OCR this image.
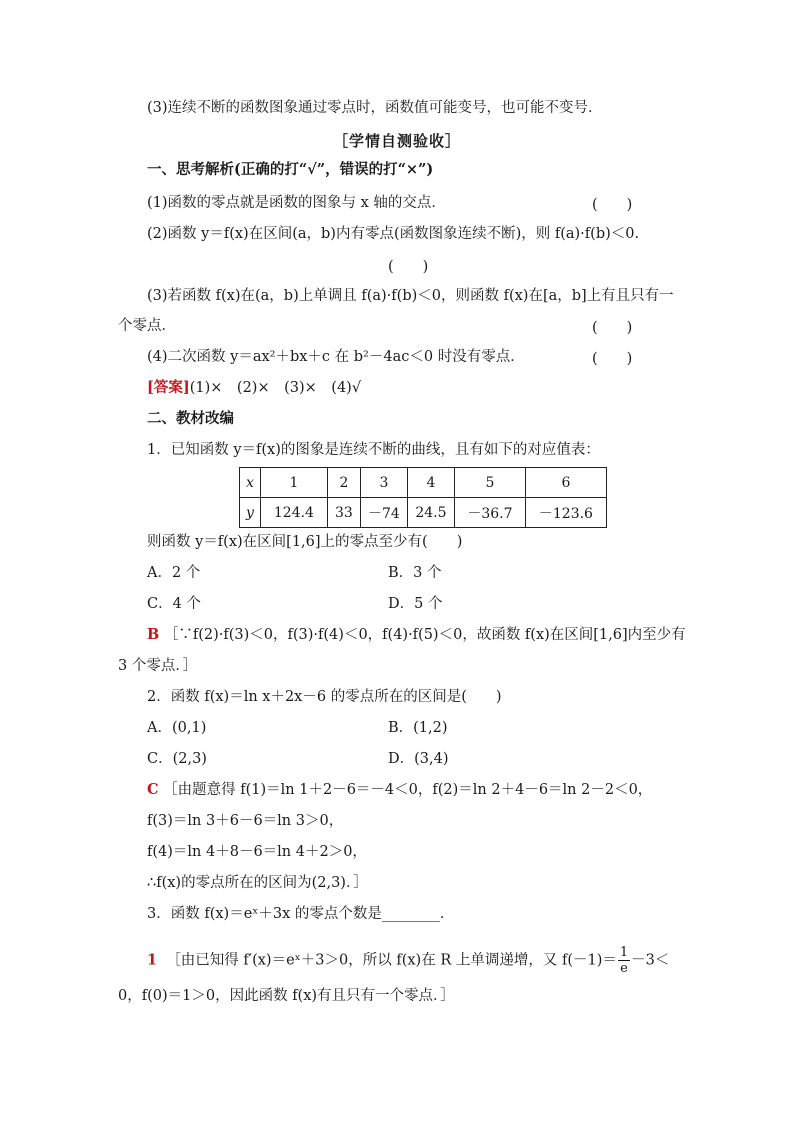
(3)连续不断的函数图象通过零点时，函数值可能变号，也可能不变号．
［学情自测验收］
一、思考解析(正确的打“√”，错误的打“×”)
(1)函数的零点就是函数的图象与 x 轴的交点．	(　　)
(2)函数 y＝f(x)在区间(a，b)内有零点(函数图象连续不断)，则 f(a)·f(b)＜0.
(　　)
(3)若函数 f(x)在(a，b)上单调且 f(a)·f(b)＜0，则函数 f(x)在[a，b]上有且只有一
个零点．	(　　)
(4)二次函数 y＝ax²＋bx＋c 在 b²－4ac＜0 时没有零点．	(　　)
[答案](1)×　(2)×　(3)×　(4)√
二、教材改编
1．已知函数 y＝f(x)的图象是连续不断的曲线，且有如下的对应值表：
x	1	2	3	4	5	6
y	124.4	33	－74	24.5	－36.7	－123.6
则函数 y＝f(x)在区间[1,6]上的零点至少有(　　)
A．2 个	B．3 个
C．4 个	D．5 个
B ［∵f(2)·f(3)＜0，f(3)·f(4)＜0，f(4)·f(5)＜0，故函数 f(x)在区间[1,6]内至少有
3 个零点．］
2．函数 f(x)＝ln x＋2x－6 的零点所在的区间是(　　)
A．(0,1)	B．(1,2)
C．(2,3)	D．(3,4)
C ［由题意得 f(1)＝ln 1＋2－6＝－4＜0，f(2)＝ln 2＋4－6＝ln 2－2＜0，
f(3)＝ln 3＋6－6＝ln 3＞0，
f(4)＝ln 4＋8－6＝ln 4＋2＞0，
∴f(x)的零点所在的区间为(2,3)．］
3．函数 f(x)＝eˣ＋3x 的零点个数是________．
1 ［由已知得 f′(x)＝eˣ＋3＞0，所以 f(x)在 R 上单调递增，又 $f(-1)= \frac{1}{e} -3<$
0，f(0)＝1＞0，因此函数 f(x)有且只有一个零点．］
